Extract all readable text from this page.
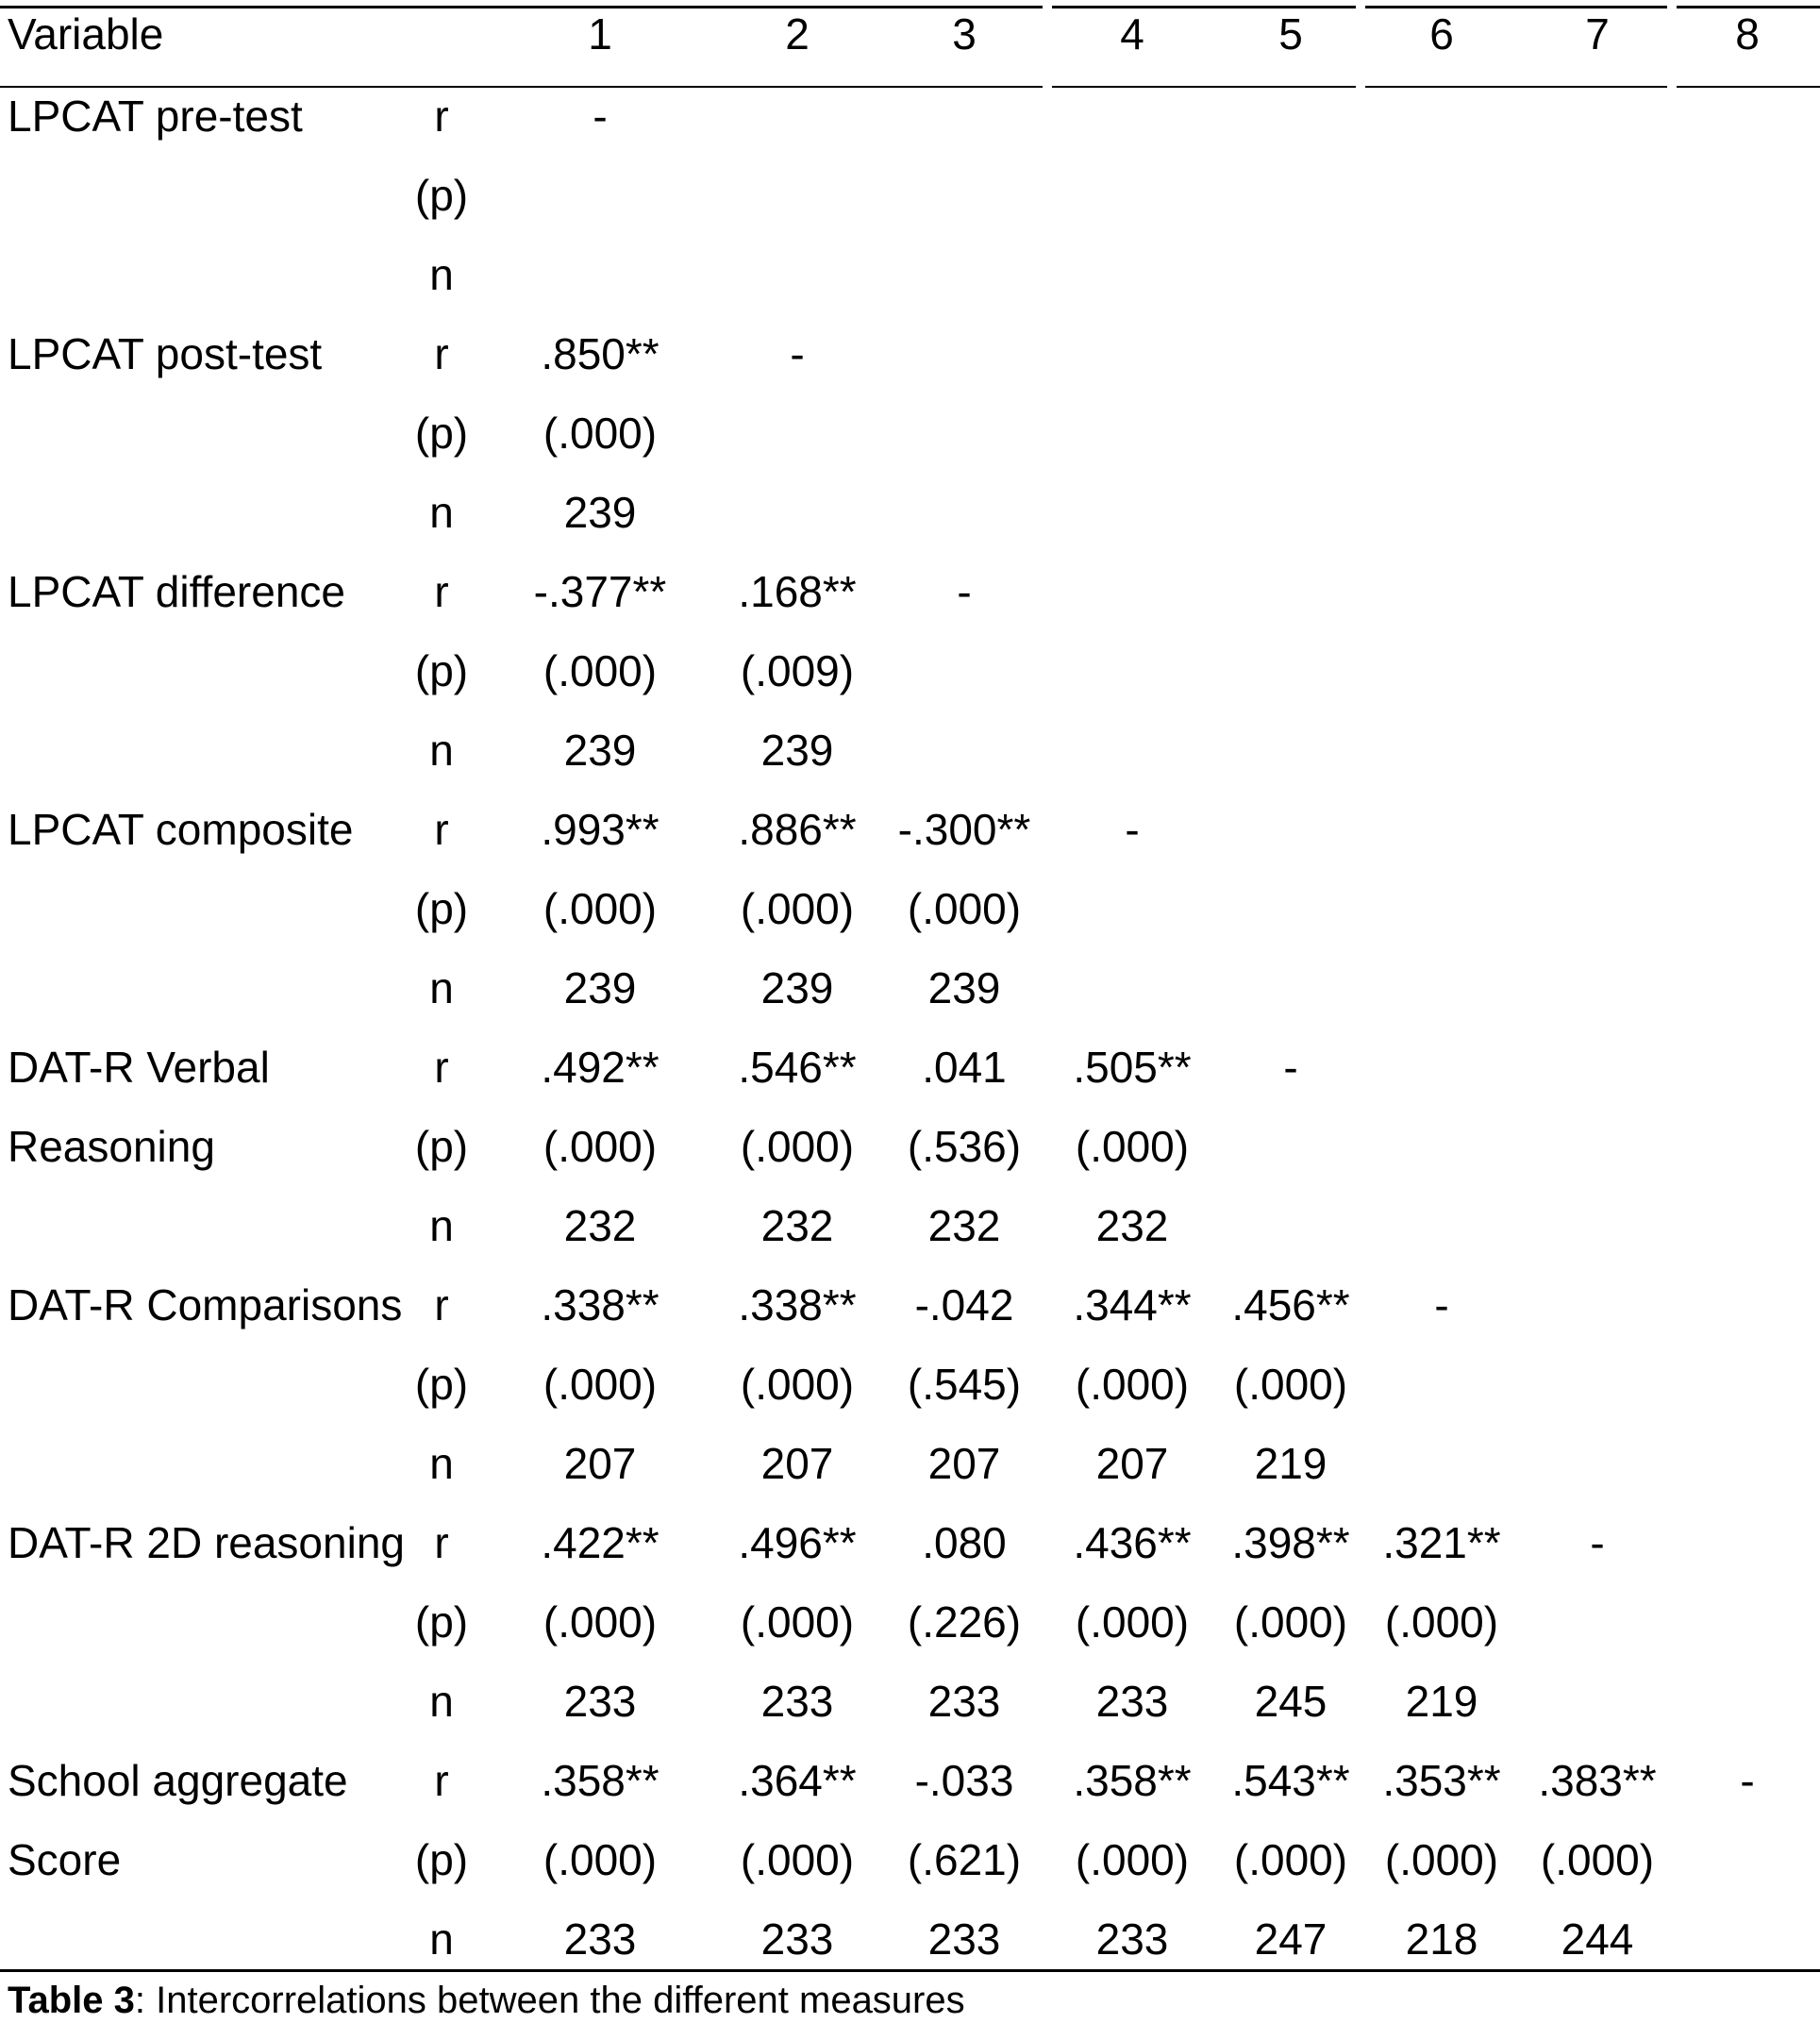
Variable	1	2	3	4	5	6	7	8
LPCAT pre-test	r	-
(p)
n
LPCAT post-test	r .850**	-
(p) (.000)
n	239
LPCAT difference r -.377** .168** -
(p) (.000) (.009)
n	239	239
LPCAT composite r .993** .886** -.300** -
(p) (.000) (.000) (.000)
n	239	239 239
DAT-R Verbal	r .492** .546** .041 .505** -
Reasoning	(p) (.000) (.000) (.536) (.000)
n	232	232 232 232
DAT-R Comparisons r .338** .338** -.042 .344** .456** -
(p) (.000) (.000) (.545) (.000) (.000)
n	207	207 207 207 219
DAT-R 2D reasoning r .422** .496** .080 .436** .398** .321** -
(p) (.000) (.000) (.226) (.000) (.000) (.000)
n	233	233 233 233 245 219
School aggregate r .358** .364** -.033 .358** .543** .353** .383** -
Score	(p) (.000) (.000) (.621) (.000) (.000) (.000) (.000)
n	233	233 233 233 247 218 244
Table 3: Intercorrelations between the different measures
